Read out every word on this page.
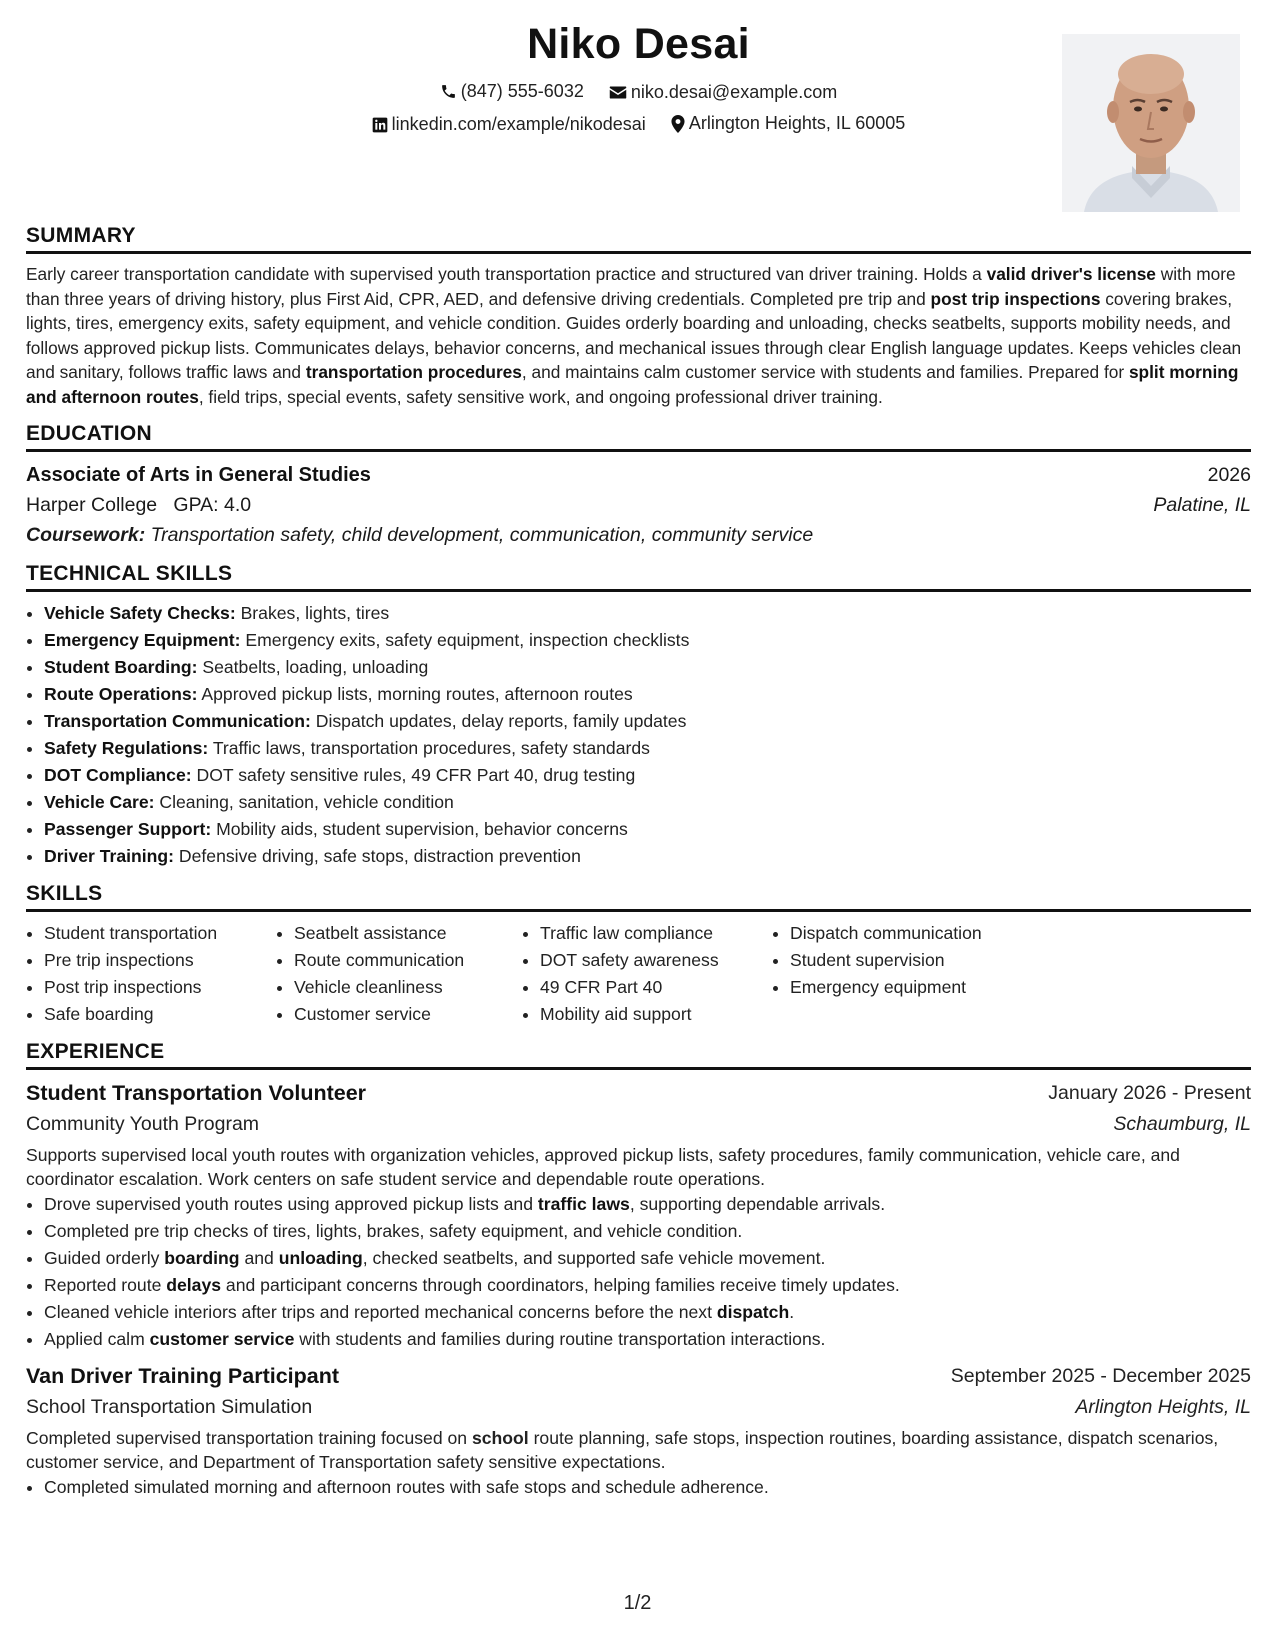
Niko Desai
(847) 555-6032
	niko.desai@example.com
linkedin.com/example/nikodesai
Arlington Heights, IL 60005
SUMMARY
Early career transportation candidate with supervised youth transportation practice and structured van driver training. Holds a valid driver's license with more than three years of driving history, plus First Aid, CPR, AED, and defensive driving credentials. Completed pre trip and post trip inspections covering brakes, lights, tires, emergency exits, safety equipment, and vehicle condition. Guides orderly boarding and unloading, checks seatbelts, supports mobility needs, and follows approved pickup lists. Communicates delays, behavior concerns, and mechanical issues through clear English language updates. Keeps vehicles clean and sanitary, follows traffic laws and transportation procedures, and maintains calm customer service with students and families. Prepared for split morning and afternoon routes, field trips, special events, safety sensitive work, and ongoing professional driver training.
EDUCATION
Associate of Arts in General Studies	2026
Harper College GPA: 4.0	Palatine, IL
Coursework: Transportation safety, child development, communication, community service
TECHNICAL SKILLS
• Vehicle Safety Checks: Brakes, lights, tires
• Emergency Equipment: Emergency exits, safety equipment, inspection checklists
• Student Boarding: Seatbelts, loading, unloading
• Route Operations: Approved pickup lists, morning routes, afternoon routes
• Transportation Communication: Dispatch updates, delay reports, family updates
• Safety Regulations: Traffic laws, transportation procedures, safety standards
• DOT Compliance: DOT safety sensitive rules, 49 CFR Part 40, drug testing
• Vehicle Care: Cleaning, sanitation, vehicle condition
• Passenger Support: Mobility aids, student supervision, behavior concerns
• Driver Training: Defensive driving, safe stops, distraction prevention
SKILLS
• Student transportation
• Pre trip inspections
• Post trip inspections
• Safe boarding
• Seatbelt assistance
• Route communication
• Vehicle cleanliness
• Customer service
• Traffic law compliance
• DOT safety awareness
• 49 CFR Part 40
• Mobility aid support
• Dispatch communication
• Student supervision
• Emergency equipment
EXPERIENCE
Student Transportation Volunteer	January 2026 - Present
Community Youth Program	Schaumburg, IL
Supports supervised local youth routes with organization vehicles, approved pickup lists, safety procedures, family communication, vehicle care, and coordinator escalation. Work centers on safe student service and dependable route operations.
• Drove supervised youth routes using approved pickup lists and traffic laws, supporting dependable arrivals.
• Completed pre trip checks of tires, lights, brakes, safety equipment, and vehicle condition.
• Guided orderly boarding and unloading, checked seatbelts, and supported safe vehicle movement.
• Reported route delays and participant concerns through coordinators, helping families receive timely updates.
• Cleaned vehicle interiors after trips and reported mechanical concerns before the next dispatch.
• Applied calm customer service with students and families during routine transportation interactions.
Van Driver Training Participant	September 2025 - December 2025
School Transportation Simulation	Arlington Heights, IL
Completed supervised transportation training focused on school route planning, safe stops, inspection routines, boarding assistance, dispatch scenarios, customer service, and Department of Transportation safety sensitive expectations.
• Completed simulated morning and afternoon routes with safe stops and schedule adherence.
1/2
